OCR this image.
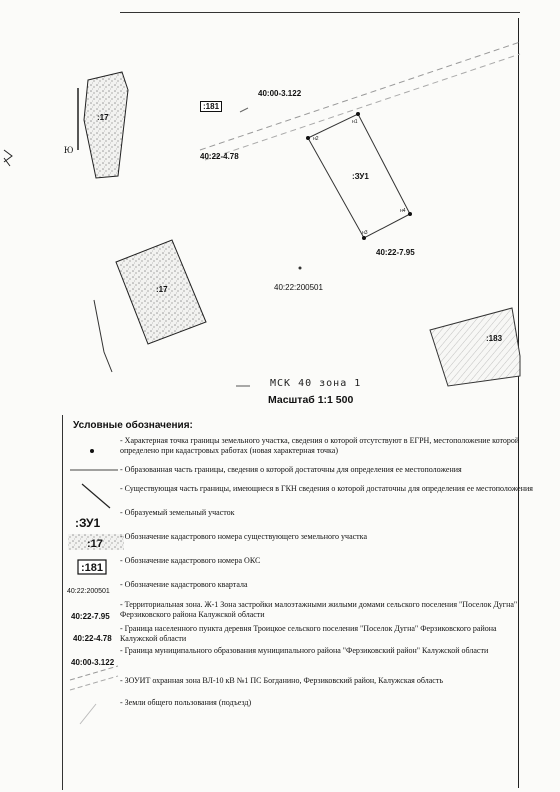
Ю
:17
:181
40:00-3.122
40:22-4.78
:ЗУ1
40:22-7.95
40:22:200501
:17
:183
н1
н2
н3
н4
МСК 40 зона 1
Масштаб 1:1 500
Условные обозначения:
- Характерная точка границы земельного участка, сведения о которой отсутствуют в ЕГРН, местоположение которой определено при кадастровых работах (новая характерная точка)
- Образованная часть границы, сведения о которой достаточны для определения ее местоположения
- Существующая часть границы, имеющиеся в ГКН сведения о которой достаточны для определения ее местоположения
:ЗУ1
- Образуемый земельный участок
:17
- Обозначение кадастрового номера существующего земельного участка
:181
- Обозначение кадастрового номера ОКС
40:22:200501
- Обозначение кадастрового квартала
40:22-7.95
- Территориальная зона. Ж-1 Зона застройки малоэтажными жилыми домами сельского поселения "Поселок Дугна" Ферзиковского района Калужской области
40:22-4.78
- Граница населенного пункта деревня Троицкое сельского поселения "Поселок Дугна" Ферзиковского района Калужской области
40:00-3.122
- Граница муниципального образования муниципального района "Ферзиковский район" Калужской области
- ЗОУИТ охранная зона ВЛ-10 кВ №1 ПС Богданино, Ферзиковский район, Калужская область
- Земли общего пользования (подъезд)
